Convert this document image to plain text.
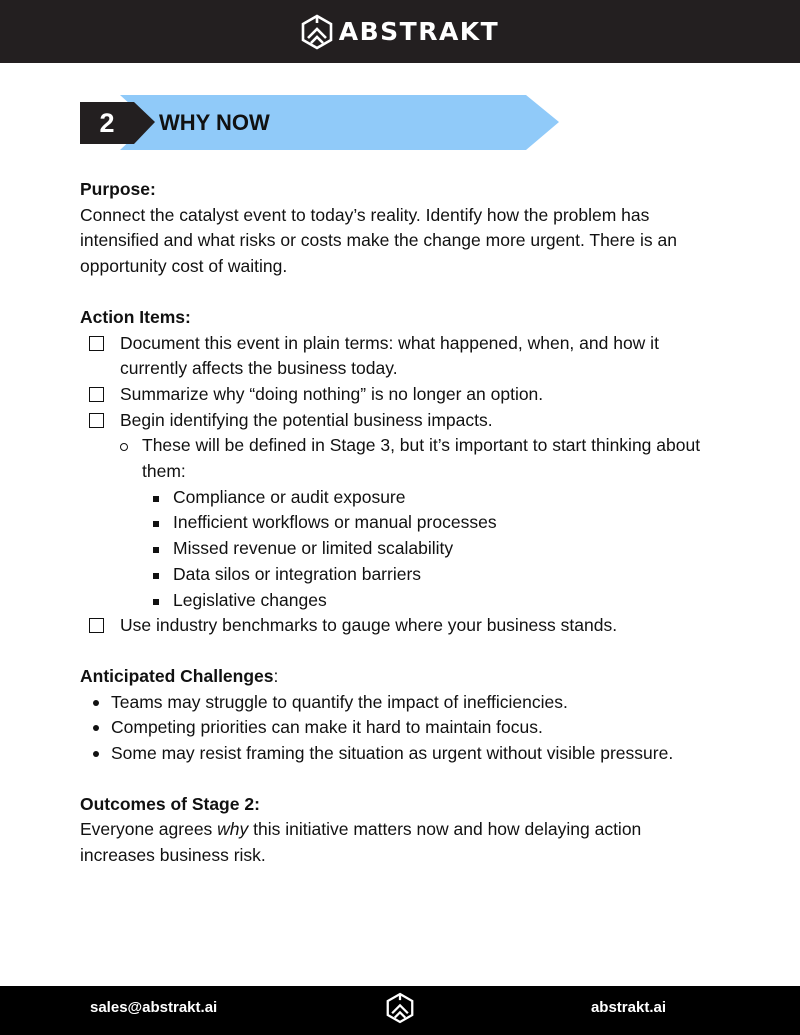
ABSTRAKT
2	WHY NOW

Purpose:

Connect the catalyst event to today’s reality. Identify how the problem has intensified and what risks or costs make the change more urgent. There is an opportunity cost of waiting.

Action Items:

Document this event in plain terms: what happened, when, and how it currently affects the business today.
Summarize why “doing nothing” is no longer an option.
Begin identifying the potential business impacts.
These will be defined in Stage 3, but it’s important to start thinking about them:
Compliance or audit exposure
Inefficient workflows or manual processes
Missed revenue or limited scalability
Data silos or integration barriers
Legislative changes
Use industry benchmarks to gauge where your business stands.

Anticipated Challenges:

Teams may struggle to quantify the impact of inefficiencies.
Competing priorities can make it hard to maintain focus.
Some may resist framing the situation as urgent without visible pressure.

Outcomes of Stage 2:

Everyone agrees why this initiative matters now and how delaying action increases business risk.

sales@abstrakt.ai	abstrakt.ai
